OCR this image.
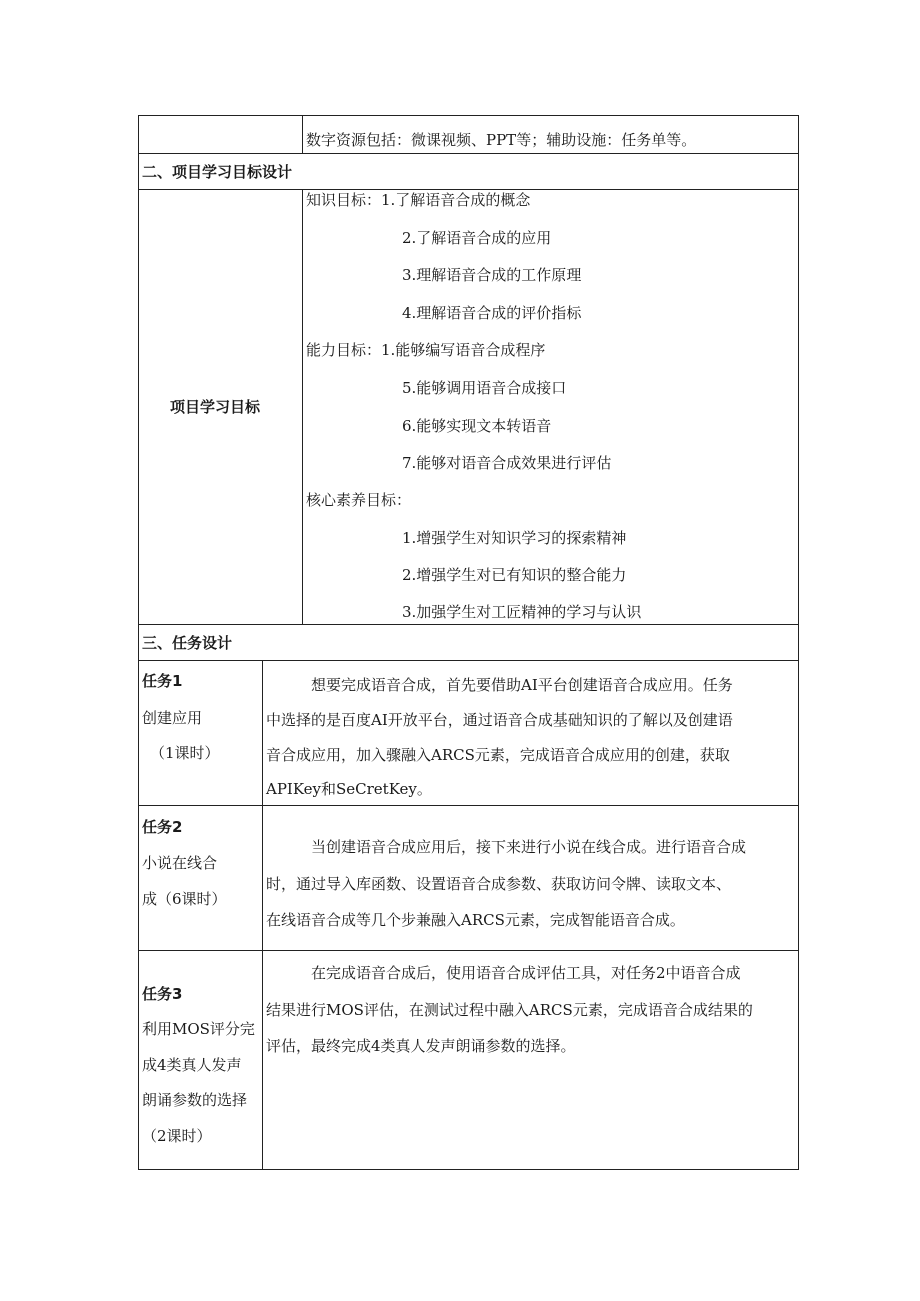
数字资源包括：微课视频、PPT等；辅助设施：任务单等。
二、项目学习目标设计
项目学习目标
知识目标：1.了解语音合成的概念
2.了解语音合成的应用
3.理解语音合成的工作原理
4.理解语音合成的评价指标
能力目标：1.能够编写语音合成程序
5.能够调用语音合成接口
6.能够实现文本转语音
7.能够对语音合成效果进行评估
核心素养目标：
1.增强学生对知识学习的探索精神
2.增强学生对已有知识的整合能力
3.加强学生对工匠精神的学习与认识
三、任务设计
任务1
创建应用
（1课时）
想要完成语音合成，首先要借助AI平台创建语音合成应用。任务
中选择的是百度AI开放平台，通过语音合成基础知识的了解以及创建语
音合成应用，加入骤融入ARCS元素，完成语音合成应用的创建，获取
APIKey和SeCretKey。
任务2
小说在线合
成（6课时）
当创建语音合成应用后，接下来进行小说在线合成。进行语音合成
时，通过导入库函数、设置语音合成参数、获取访问令牌、读取文本、
在线语音合成等几个步兼融入ARCS元素，完成智能语音合成。
任务3
利用MOS评分完
成4类真人发声
朗诵参数的选择
（2课时）
在完成语音合成后，使用语音合成评估工具，对任务2中语音合成
结果进行MOS评估，在测试过程中融入ARCS元素，完成语音合成结果的
评估，最终完成4类真人发声朗诵参数的选择。
